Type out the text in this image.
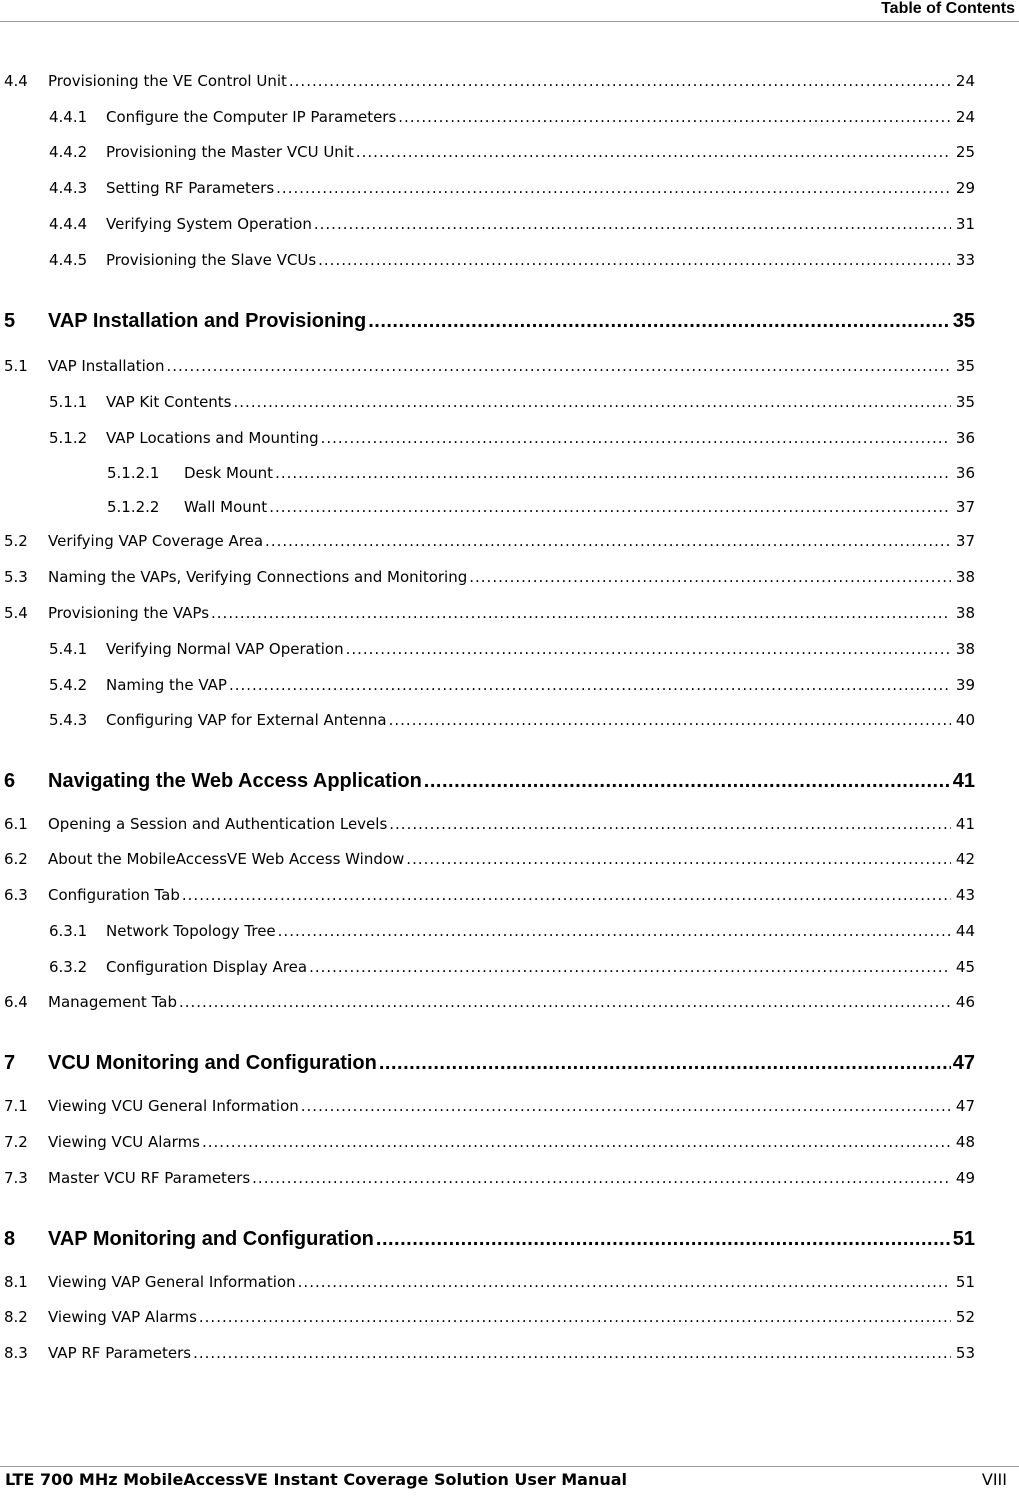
Table of Contents
4.4	Provisioning the VE Control Unit .....	24
4.4.1	Configure the Computer IP Parameters .....	24
4.4.2	Provisioning the Master VCU Unit .....	25
4.4.3	Setting RF Parameters .....	29
4.4.4	Verifying System Operation .....	31
4.4.5	Provisioning the Slave VCUs .....	33
5	VAP Installation and Provisioning .....	35
5.1	VAP Installation .....	35
5.1.1	VAP Kit Contents .....	35
5.1.2	VAP Locations and Mounting .....	36
5.1.2.1	Desk Mount .....	36
5.1.2.2	Wall Mount .....	37
5.2	Verifying VAP Coverage Area .....	37
5.3	Naming the VAPs, Verifying Connections and Monitoring .....	38
5.4	Provisioning the VAPs .....	38
5.4.1	Verifying Normal VAP Operation .....	38
5.4.2	Naming the VAP .....	39
5.4.3	Configuring VAP for External Antenna .....	40
6	Navigating the Web Access Application .....	41
6.1	Opening a Session and Authentication Levels .....	41
6.2	About the MobileAccessVE Web Access Window .....	42
6.3	Configuration Tab .....	43
6.3.1	Network Topology Tree .....	44
6.3.2	Configuration Display Area .....	45
6.4	Management Tab .....	46
7	VCU Monitoring and Configuration .....	47
7.1	Viewing VCU General Information .....	47
7.2	Viewing VCU Alarms .....	48
7.3	Master VCU RF Parameters .....	49
8	VAP Monitoring and Configuration .....	51
8.1	Viewing VAP General Information .....	51
8.2	Viewing VAP Alarms .....	52
8.3	VAP RF Parameters .....	53
LTE 700 MHz MobileAccessVE Instant Coverage Solution User Manual	VIII
